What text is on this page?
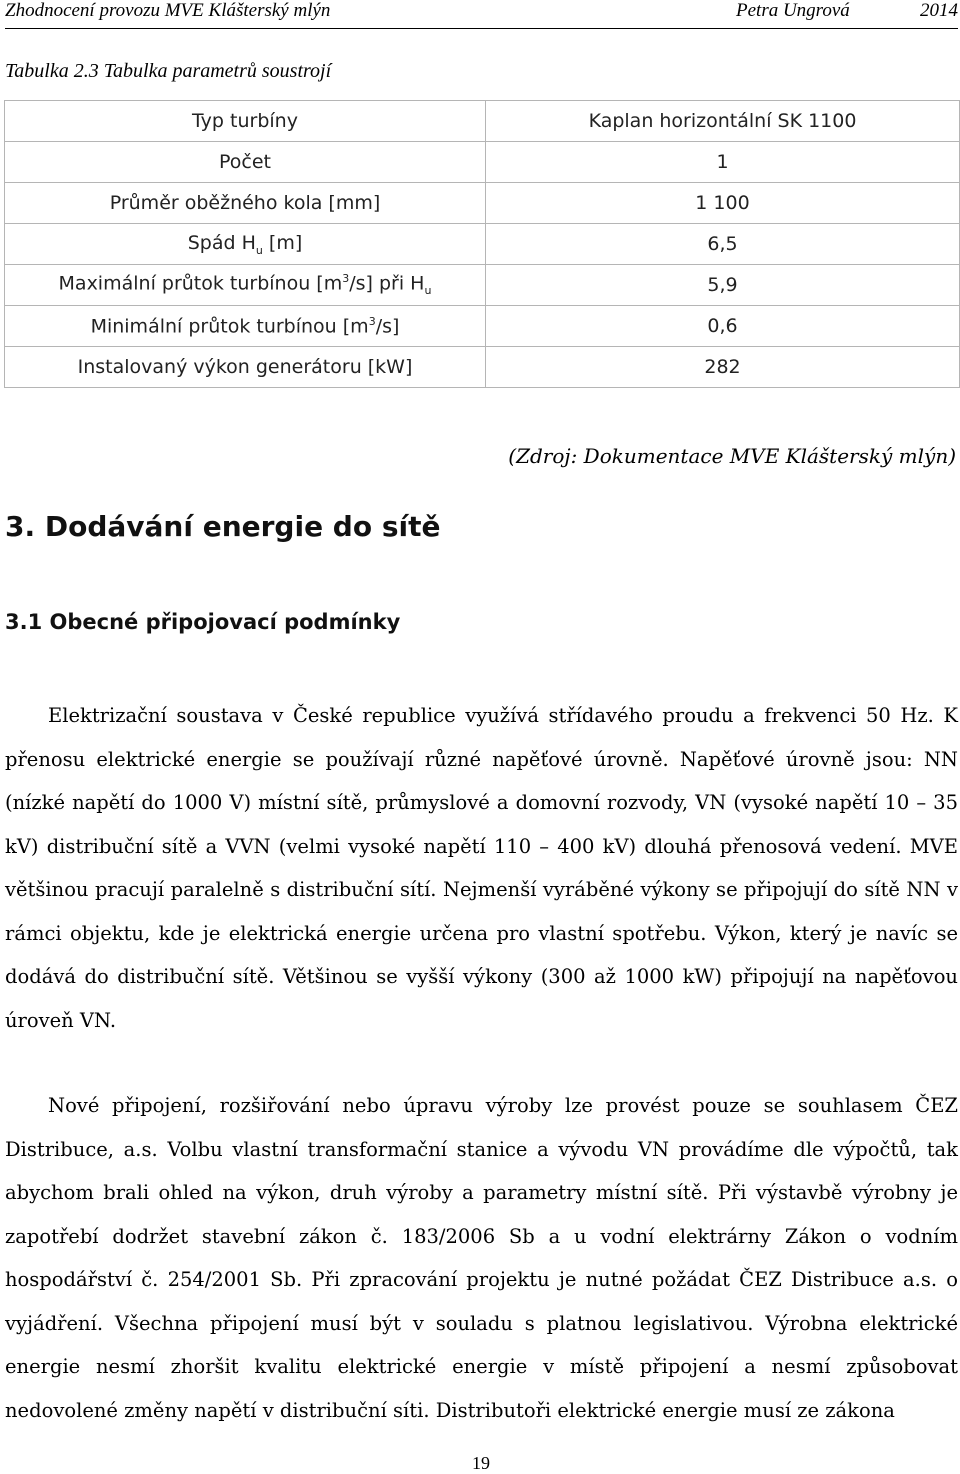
Zhodnocení provozu MVE Klášterský mlýn	Petra Ungrová	2014
Tabulka 2.3 Tabulka parametrů soustrojí
Typ turbíny	Kaplan horizontální SK 1100
Počet	1
Průměr oběžného kola [mm]	1 100
Spád $H_u$ [m]	6,5
Maximální průtok turbínou $[m^3/s]$ při $H_u$	5,9
Minimální průtok turbínou $[m^3/s]$	0,6
Instalovaný výkon generátoru [kW]	282
(Zdroj: Dokumentace MVE Klášterský mlýn)
3. Dodávání energie do sítě
3.1 Obecné připojovací podmínky

Elektrizační soustava v České republice využívá střídavého proudu a frekvenci 50 Hz. K přenosu elektrické energie se používají různé napěťové úrovně. Napěťové úrovně jsou: NN (nízké napětí do 1000 V) místní sítě, průmyslové a domovní rozvody, VN (vysoké napětí 10 – 35 kV) distribuční sítě a VVN (velmi vysoké napětí 110 – 400 kV) dlouhá přenosová vedení. MVE většinou pracují paralelně s distribuční sítí. Nejmenší vyráběné výkony se připojují do sítě NN v rámci objektu, kde je elektrická energie určena pro vlastní spotřebu. Výkon, který je navíc se dodává do distribuční sítě. Většinou se vyšší výkony (300 až 1000 kW) připojují na napěťovou úroveň VN.

Nové připojení, rozšiřování nebo úpravu výroby lze provést pouze se souhlasem ČEZ Distribuce, a.s. Volbu vlastní transformační stanice a vývodu VN provádíme dle výpočtů, tak abychom brali ohled na výkon, druh výroby a parametry místní sítě. Při výstavbě výrobny je zapotřebí dodržet stavební zákon č. 183/2006 Sb a u vodní elektrárny Zákon o vodním hospodářství č. 254/2001 Sb. Při zpracování projektu je nutné požádat ČEZ Distribuce a.s. o vyjádření. Všechna připojení musí být v souladu s platnou legislativou. Výrobna elektrické energie nesmí zhoršit kvalitu elektrické energie v místě připojení a nesmí způsobovat nedovolené změny napětí v distribuční síti. Distributoři elektrické energie musí ze zákona

19
